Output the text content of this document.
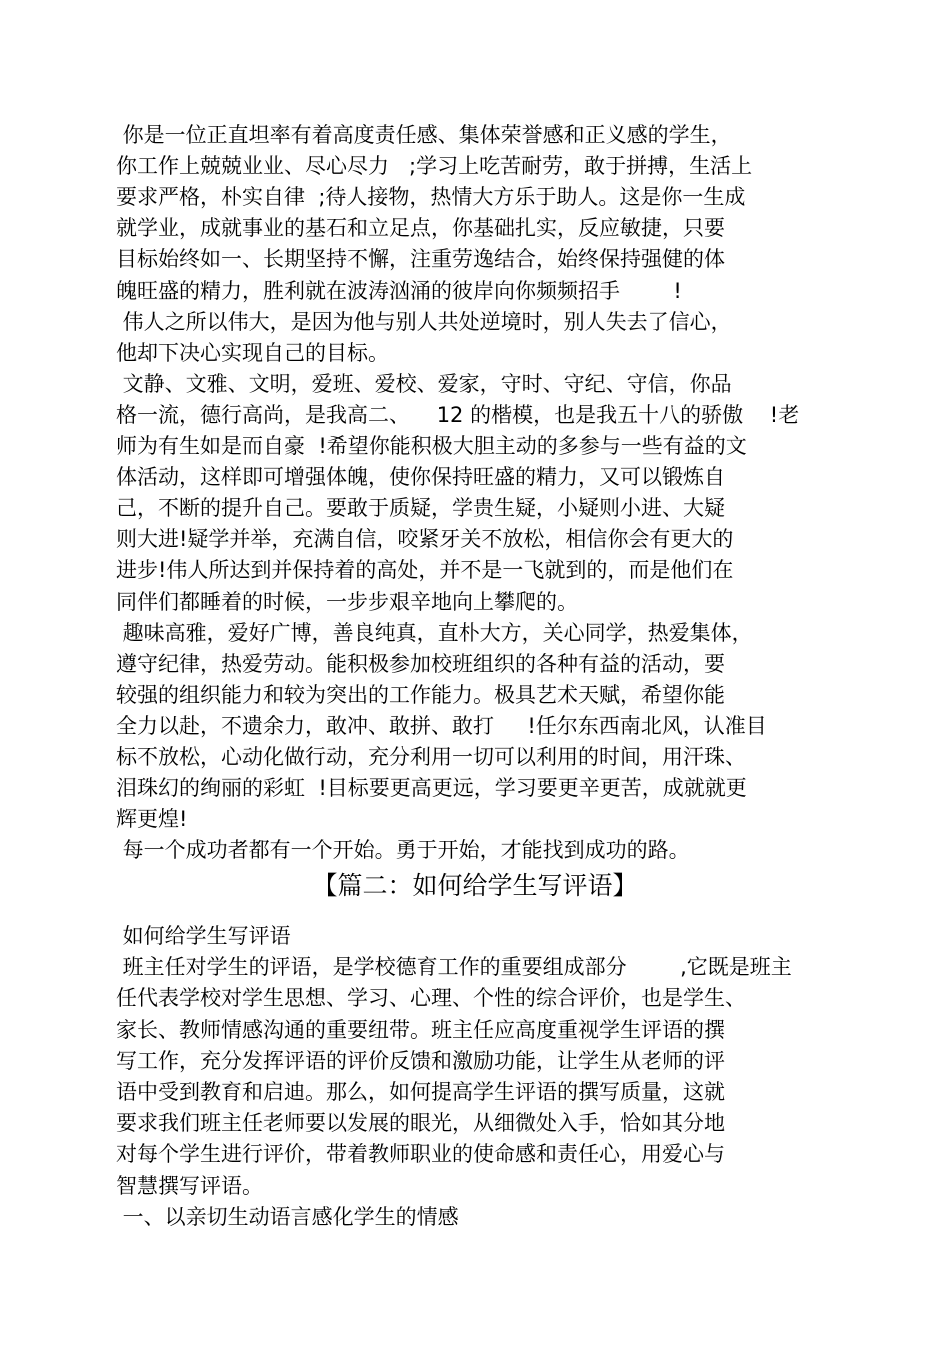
你是一位正直坦率有着高度责任感、集体荣誉感和正义感的学生，
你工作上兢兢业业、尽心尽力   ;学习上吃苦耐劳，敢于拼搏，生活上
要求严格，朴实自律  ;待人接物，热情大方乐于助人。这是你一生成
就学业，成就事业的基石和立足点，你基础扎实，反应敏捷，只要
目标始终如一、长期坚持不懈，注重劳逸结合，始终保持强健的体
魄旺盛的精力，胜利就在波涛汹涌的彼岸向你频频招手        !
伟人之所以伟大，是因为他与别人共处逆境时，别人失去了信心，
他却下决心实现自己的目标。
文静、文雅、文明，爱班、爱校、爱家，守时、守纪、守信，你品
格一流，德行高尚，是我高二、    12 的楷模，也是我五十八的骄傲    !老
师为有生如是而自豪  !希望你能积极大胆主动的多参与一些有益的文
体活动，这样即可增强体魄，使你保持旺盛的精力，又可以锻炼自
己，不断的提升自己。要敢于质疑，学贵生疑，小疑则小进、大疑
则大进!疑学并举，充满自信，咬紧牙关不放松，相信你会有更大的
进步!伟人所达到并保持着的高处，并不是一飞就到的，而是他们在
同伴们都睡着的时候，一步步艰辛地向上攀爬的。
趣味高雅，爱好广博，善良纯真，直朴大方，关心同学，热爱集体，
遵守纪律，热爱劳动。能积极参加校班组织的各种有益的活动，要
较强的组织能力和较为突出的工作能力。极具艺术天赋，希望你能
全力以赴，不遗余力，敢冲、敢拼、敢打     !任尔东西南北风，认准目
标不放松，心动化做行动，充分利用一切可以利用的时间，用汗珠、
泪珠幻的绚丽的彩虹  !目标要更高更远，学习要更辛更苦，成就就更
辉更煌!
每一个成功者都有一个开始。勇于开始，才能找到成功的路。
【篇二：如何给学生写评语】
如何给学生写评语
班主任对学生的评语，是学校德育工作的重要组成部分        ,它既是班主
任代表学校对学生思想、学习、心理、个性的综合评价，也是学生、
家长、教师情感沟通的重要纽带。班主任应高度重视学生评语的撰
写工作，充分发挥评语的评价反馈和激励功能，让学生从老师的评
语中受到教育和启迪。那么，如何提高学生评语的撰写质量，这就
要求我们班主任老师要以发展的眼光，从细微处入手，恰如其分地
对每个学生进行评价，带着教师职业的使命感和责任心，用爱心与
智慧撰写评语。
一、以亲切生动语言感化学生的情感
